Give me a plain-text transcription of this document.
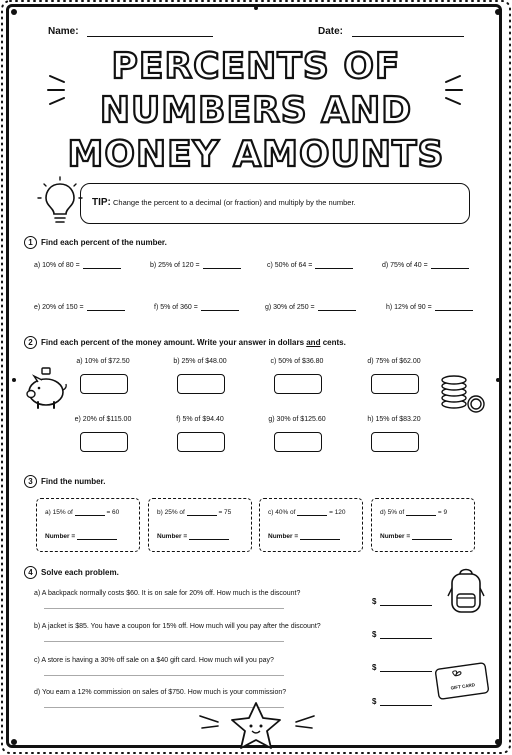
Name:	Date:
PERCENTS OF
NUMBERS AND
MONEY AMOUNTS
TIP: Change the percent to a decimal (or fraction) and multiply by the number.
1	Find each percent of the number.
a) 10% of 80 =	b) 25% of 120 =	c) 50% of 64 =	d) 75% of 40 =
e) 20% of 150 =	f) 5% of 360 =	g) 30% of 250 =	h) 12% of 90 =
2	Find each percent of the money amount. Write your answer in dollars and cents.
a) 10% of $72.50	b) 25% of $48.00	c) 50% of $36.80	d) 75% of $62.00
e) 20% of $115.00	f) 5% of $94.40	g) 30% of $125.60	h) 15% of $83.20
3	Find the number.
a) 15% of	= 60
Number =
b) 25% of	= 75
Number =
c) 40% of	= 120
Number =
d) 5% of	= 9
Number =
4	Solve each problem.
a) A backpack normally costs $60. It is on sale for 20% off. How much is the discount?
$
b) A jacket is $85. You have a coupon for 15% off. How much will you pay after the discount?
$
c) A store is having a 30% off sale on a $40 gift card. How much will you pay?
$
d) You earn a 12% commission on sales of $750. How much is your commission?
$
GIFT CARD
